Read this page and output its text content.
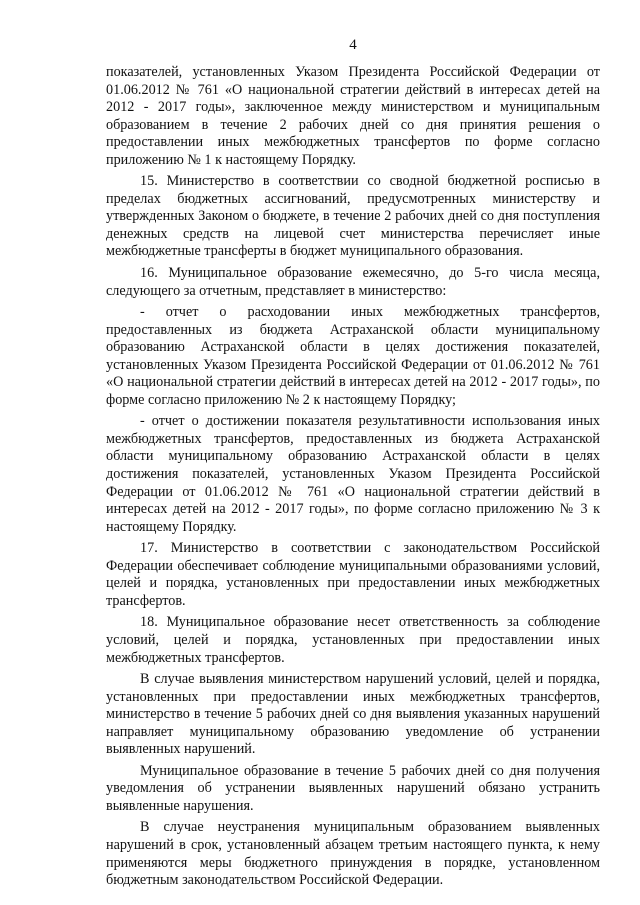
4

показателей, установленных Указом Президента Российской Федерации от 01.06.2012 № 761 «О национальной стратегии действий в интересах детей на 2012 - 2017 годы», заключенное между министерством и муниципальным образованием в течение 2 рабочих дней со дня принятия решения о предоставлении иных межбюджетных трансфертов по форме согласно приложению № 1 к настоящему Порядку.

15. Министерство в соответствии со сводной бюджетной росписью в пределах бюджетных ассигнований, предусмотренных министерству и утвержденных Законом о бюджете, в течение 2 рабочих дней со дня поступления денежных средств на лицевой счет министерства перечисляет иные межбюджетные трансферты в бюджет муниципального образования.

16. Муниципальное образование ежемесячно, до 5-го числа месяца, следующего за отчетным, представляет в министерство:

- отчет о расходовании иных межбюджетных трансфертов, предоставленных из бюджета Астраханской области муниципальному образованию Астраханской области в целях достижения показателей, установленных Указом Президента Российской Федерации от 01.06.2012 № 761 «О национальной стратегии действий в интересах детей на 2012 - 2017 годы», по форме согласно приложению № 2 к настоящему Порядку;

- отчет о достижении показателя результативности использования иных межбюджетных трансфертов, предоставленных из бюджета Астраханской области муниципальному образованию Астраханской области в целях достижения показателей, установленных Указом Президента Российской Федерации от 01.06.2012 № 761 «О национальной стратегии действий в интересах детей на 2012 - 2017 годы», по форме согласно приложению № 3 к настоящему Порядку.

17. Министерство в соответствии с законодательством Российской Федерации обеспечивает соблюдение муниципальными образованиями условий, целей и порядка, установленных при предоставлении иных межбюджетных трансфертов.

18. Муниципальное образование несет ответственность за соблюдение условий, целей и порядка, установленных при предоставлении иных межбюджетных трансфертов.

В случае выявления министерством нарушений условий, целей и порядка, установленных при предоставлении иных межбюджетных трансфертов, министерство в течение 5 рабочих дней со дня выявления указанных нарушений направляет муниципальному образованию уведомление об устранении выявленных нарушений.

Муниципальное образование в течение 5 рабочих дней со дня получения уведомления об устранении выявленных нарушений обязано устранить выявленные нарушения.

В случае неустранения муниципальным образованием выявленных нарушений в срок, установленный абзацем третьим настоящего пункта, к нему применяются меры бюджетного принуждения в порядке, установленном бюджетным законодательством Российской Федерации.
